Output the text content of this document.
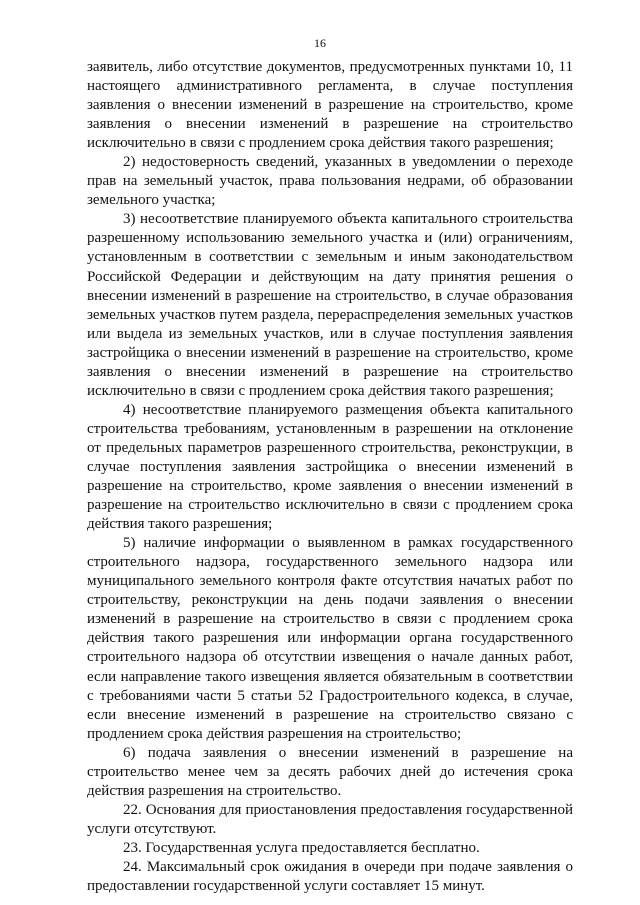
16

заявитель, либо отсутствие документов, предусмотренных пунктами 10, 11 настоящего административного регламента, в случае поступления заявления о внесении изменений в разрешение на строительство, кроме заявления о внесении изменений в разрешение на строительство исключительно в связи с продлением срока действия такого разрешения;

2) недостоверность сведений, указанных в уведомлении о переходе прав на земельный участок, права пользования недрами, об образовании земельного участка;

3) несоответствие планируемого объекта капитального строительства разрешенному использованию земельного участка и (или) ограничениям, установленным в соответствии с земельным и иным законодательством Российской Федерации и действующим на дату принятия решения о внесении изменений в разрешение на строительство, в случае образования земельных участков путем раздела, перераспределения земельных участков или выдела из земельных участков, или в случае поступления заявления застройщика о внесении изменений в разрешение на строительство, кроме заявления о внесении изменений в разрешение на строительство исключительно в связи с продлением срока действия такого разрешения;

4) несоответствие планируемого размещения объекта капитального строительства требованиям, установленным в разрешении на отклонение от предельных параметров разрешенного строительства, реконструкции, в случае поступления заявления застройщика о внесении изменений в разрешение на строительство, кроме заявления о внесении изменений в разрешение на строительство исключительно в связи с продлением срока действия такого разрешения;

5) наличие информации о выявленном в рамках государственного строительного надзора, государственного земельного надзора или муниципального земельного контроля факте отсутствия начатых работ по строительству, реконструкции на день подачи заявления о внесении изменений в разрешение на строительство в связи с продлением срока действия такого разрешения или информации органа государственного строительного надзора об отсутствии извещения о начале данных работ, если направление такого извещения является обязательным в соответствии с требованиями части 5 статьи 52 Градостроительного кодекса, в случае, если внесение изменений в разрешение на строительство связано с продлением срока действия разрешения на строительство;

6) подача заявления о внесении изменений в разрешение на строительство менее чем за десять рабочих дней до истечения срока действия разрешения на строительство.

22. Основания для приостановления предоставления государственной услуги отсутствуют.

23. Государственная услуга предоставляется бесплатно.

24. Максимальный срок ожидания в очереди при подаче заявления о предоставлении государственной услуги составляет 15 минут.
